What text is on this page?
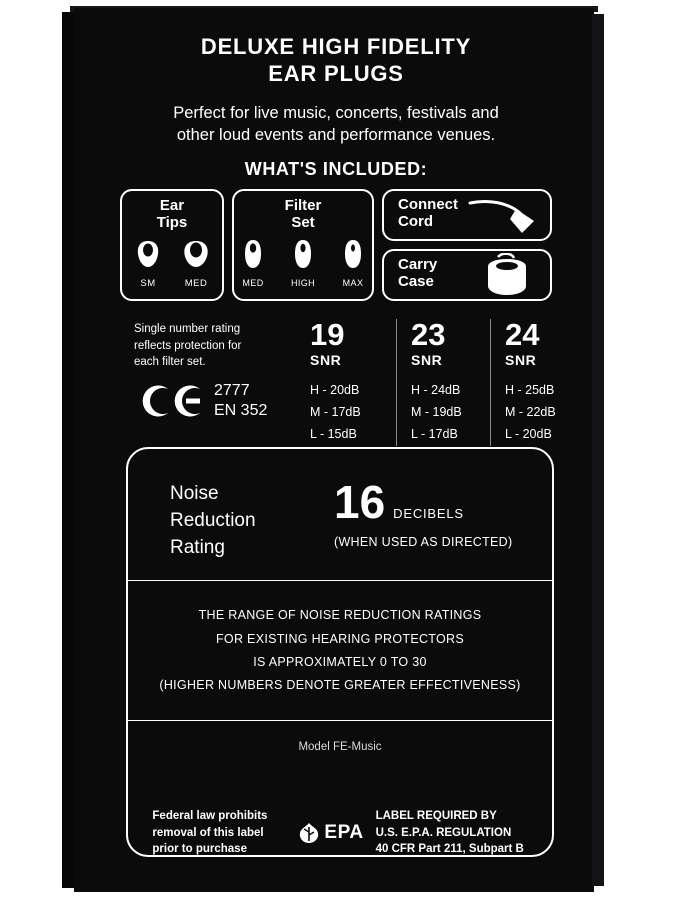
DELUXE HIGH FIDELITY
EAR PLUGS
Perfect for live music, concerts, festivals and
other loud events and performance venues.
WHAT'S INCLUDED:
Ear
Tips
SM	MED
Filter
Set
MED	HIGH	MAX
Connect
Cord
Carry
Case
Single number rating
reflects protection for
each filter set.
2777
EN 352
19
SNR
H - 20dB
M - 17dB
L - 15dB
23
SNR
H - 24dB
M - 19dB
L - 17dB
24
SNR
H - 25dB
M - 22dB
L - 20dB
Noise
Reduction
Rating
16 DECIBELS
(WHEN USED AS DIRECTED)
THE RANGE OF NOISE REDUCTION RATINGS
FOR EXISTING HEARING PROTECTORS
IS APPROXIMATELY 0 TO 30
(HIGHER NUMBERS DENOTE GREATER EFFECTIVENESS)
Model FE-Music
Federal law prohibits
removal of this label
prior to purchase
EPA
LABEL REQUIRED BY
U.S. E.P.A. REGULATION
40 CFR Part 211, Subpart B
